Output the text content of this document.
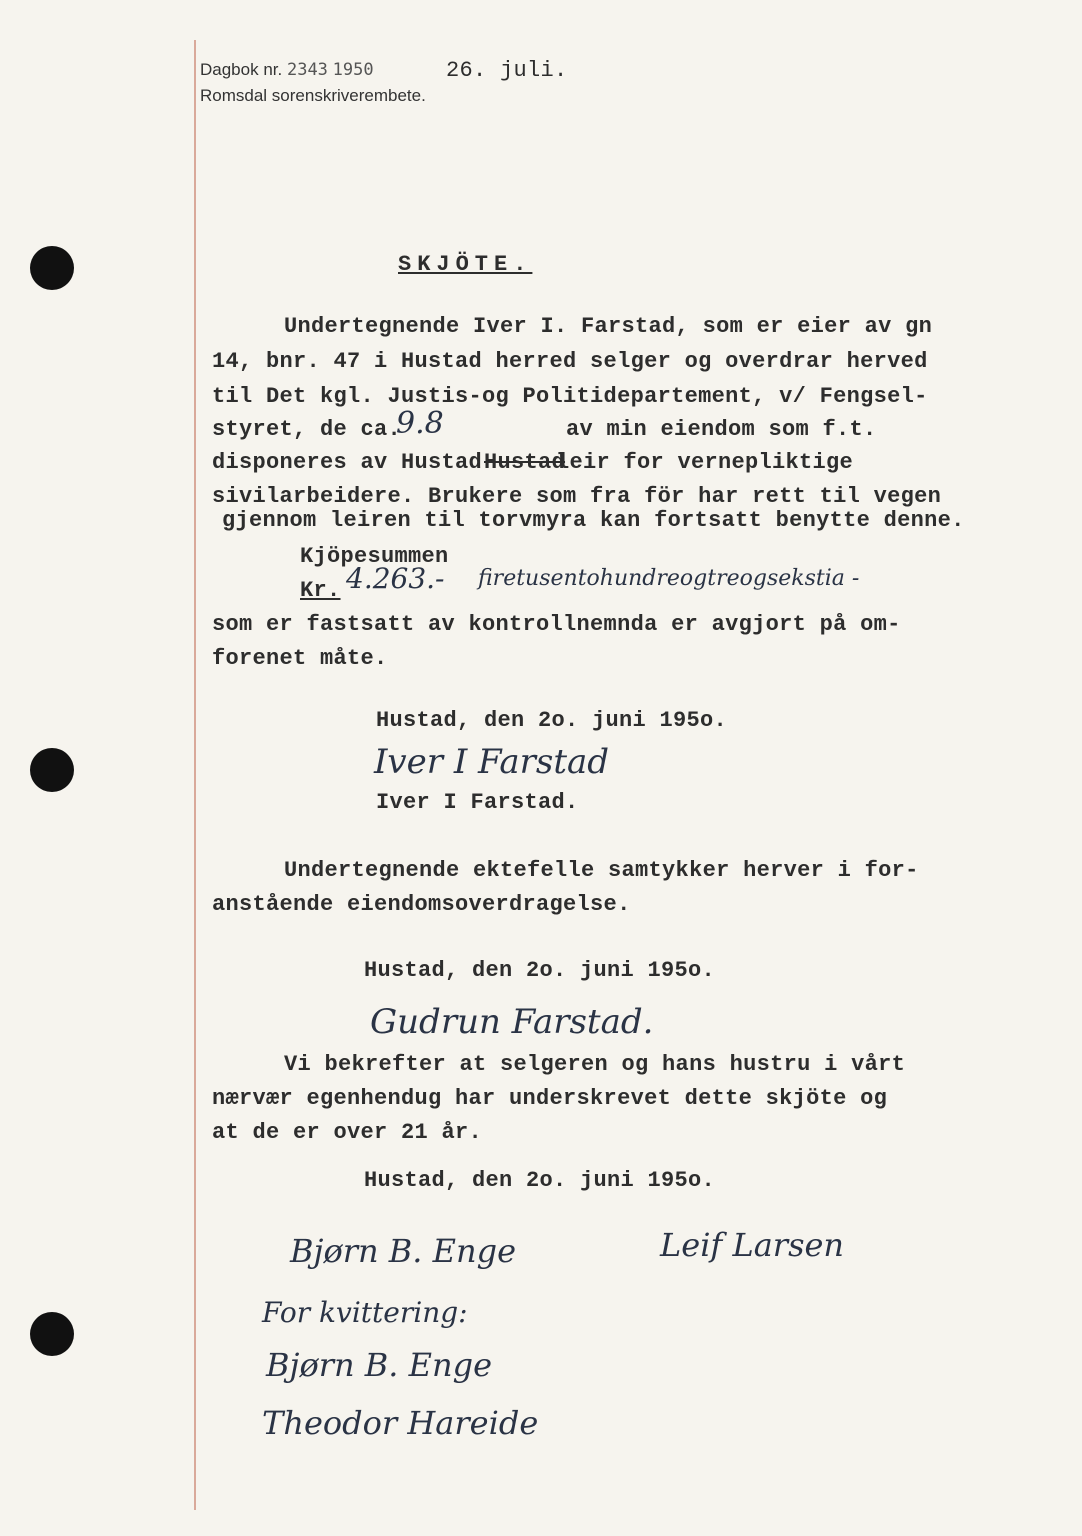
Dagbok nr. 2343 1950	26. juli.
Romsdal sorenskriverembete.
SKJÖTE.
Undertegnende Iver I. Farstad, som er eier av gn
14, bnr. 47 i Hustad herred selger og overdrar herved
til Det kgl. Justis-og Politidepartement, v/ Fengsel-
styret, de ca.
9.8	av min eiendom som f.t.
disponeres av Hustad Hustad
leir for vernepliktige
sivilarbeidere. Brukere som fra för har rett til vegen
gjennom leiren til torvmyra kan fortsatt benytte denne.
Kjöpesummen
Kr. 4.263.- firetusentohundreogtreogsekstia -
som er fastsatt av kontrollnemnda er avgjort på om-
forenet måte.
Hustad, den 2o. juni 195o.
Iver I Farstad
Iver I Farstad.
Undertegnende ektefelle samtykker herver i for-
anstående eiendomsoverdragelse.
Hustad, den 2o. juni 195o.
Gudrun Farstad.
Vi bekrefter at selgeren og hans hustru i vårt
nærvær egenhendug har underskrevet dette skjöte og
at de er over 21 år.
Hustad, den 2o. juni 195o.
Bjørn B. Enge	Leif Larsen
For kvittering:
Bjørn B. Enge
Theodor Hareide
